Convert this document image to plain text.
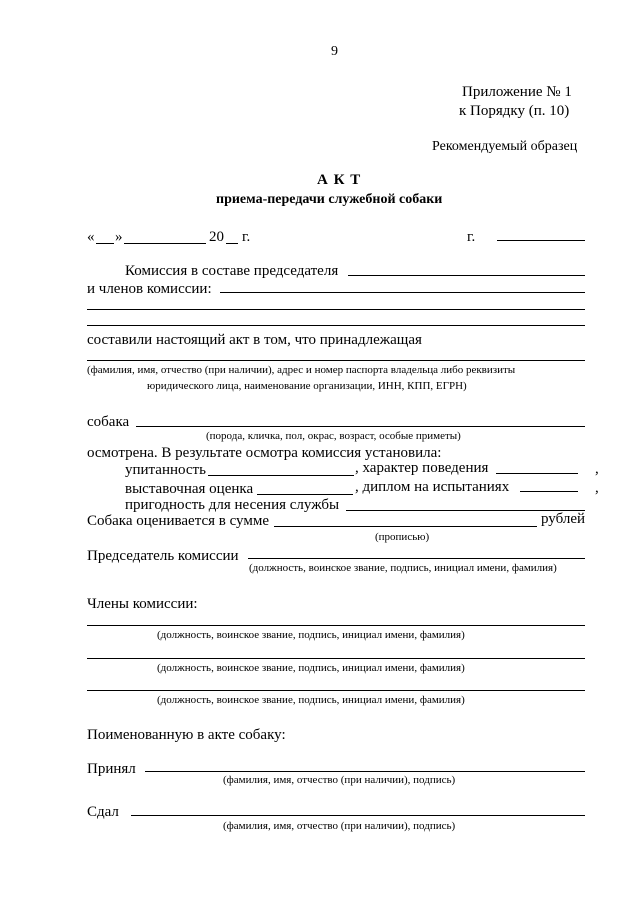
9
Приложение № 1
к Порядку (п. 10)
Рекомендуемый образец
А К Т
приема-передачи служебной собаки
« »	20 г.	г.
Комиссия в составе председателя
и членов комиссии:
составили настоящий акт в том, что принадлежащая
(фамилия, имя, отчество (при наличии), адрес и номер паспорта владельца либо реквизиты
юридического лица, наименование организации, ИНН, КПП, ЕГРН)
собака
(порода, кличка, пол, окрас, возраст, особые приметы)
осмотрена. В результате осмотра комиссия установила:
упитанность	, характер поведения	,
выставочная оценка	, диплом на испытаниях	,
пригодность для несения службы
Собака оценивается в сумме	рублей
(прописью)
Председатель комиссии
(должность, воинское звание, подпись, инициал имени, фамилия)
Члены комиссии:
(должность, воинское звание, подпись, инициал имени, фамилия)
(должность, воинское звание, подпись, инициал имени, фамилия)
(должность, воинское звание, подпись, инициал имени, фамилия)
Поименованную в акте собаку:
Принял
(фамилия, имя, отчество (при наличии), подпись)
Сдал
(фамилия, имя, отчество (при наличии), подпись)
